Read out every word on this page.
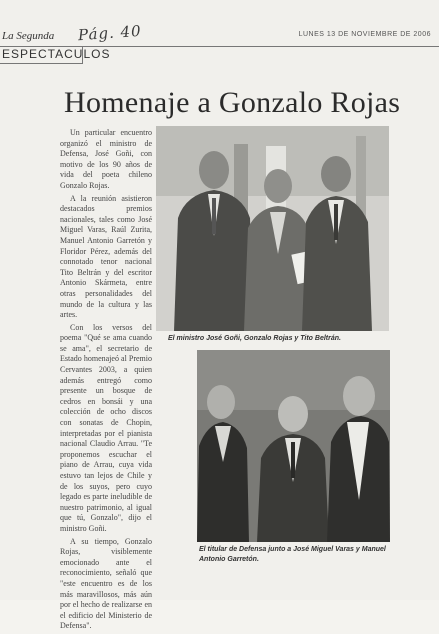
La Segunda Pág. 40	LUNES 13 DE NOVIEMBRE DE 2006
ESPECTACULOS
Homenaje a Gonzalo Rojas

Un particular encuentro organizó el ministro de Defensa, José Goñi, con motivo de los 90 años de vida del poeta chileno Gonzalo Rojas.

A la reunión asistieron destacados premios nacionales, tales como José Miguel Varas, Raúl Zurita, Manuel Antonio Garretón y Floridor Pérez, además del connotado tenor nacional Tito Beltrán y del escritor Antonio Skármeta, entre otras personalidades del mundo de la cultura y las artes.

Con los versos del poema "Qué se ama cuando se ama", el secretario de Estado homenajeó al Premio Cervantes 2003, a quien además entregó como presente un bosque de cedros en bonsái y una colección de ocho discos con sonatas de Chopin, interpretadas por el pianista nacional Claudio Arrau. "Te proponemos escuchar el piano de Arrau, cuya vida estuvo tan lejos de Chile y de los suyos, pero cuyo legado es parte ineludible de nuestro patrimonio, al igual que tú, Gonzalo", dijo el ministro Goñi.

A su tiempo, Gonzalo Rojas, visiblemente emocionado ante el reconocimiento, señaló que "este encuentro es de los más maravillosos, más aún por el hecho de realizarse en el edificio del Ministerio de Defensa".

El ministro José Goñi, Gonzalo Rojas y Tito Beltrán.
El titular de Defensa junto a José Miguel Varas y Manuel Antonio Garretón.
